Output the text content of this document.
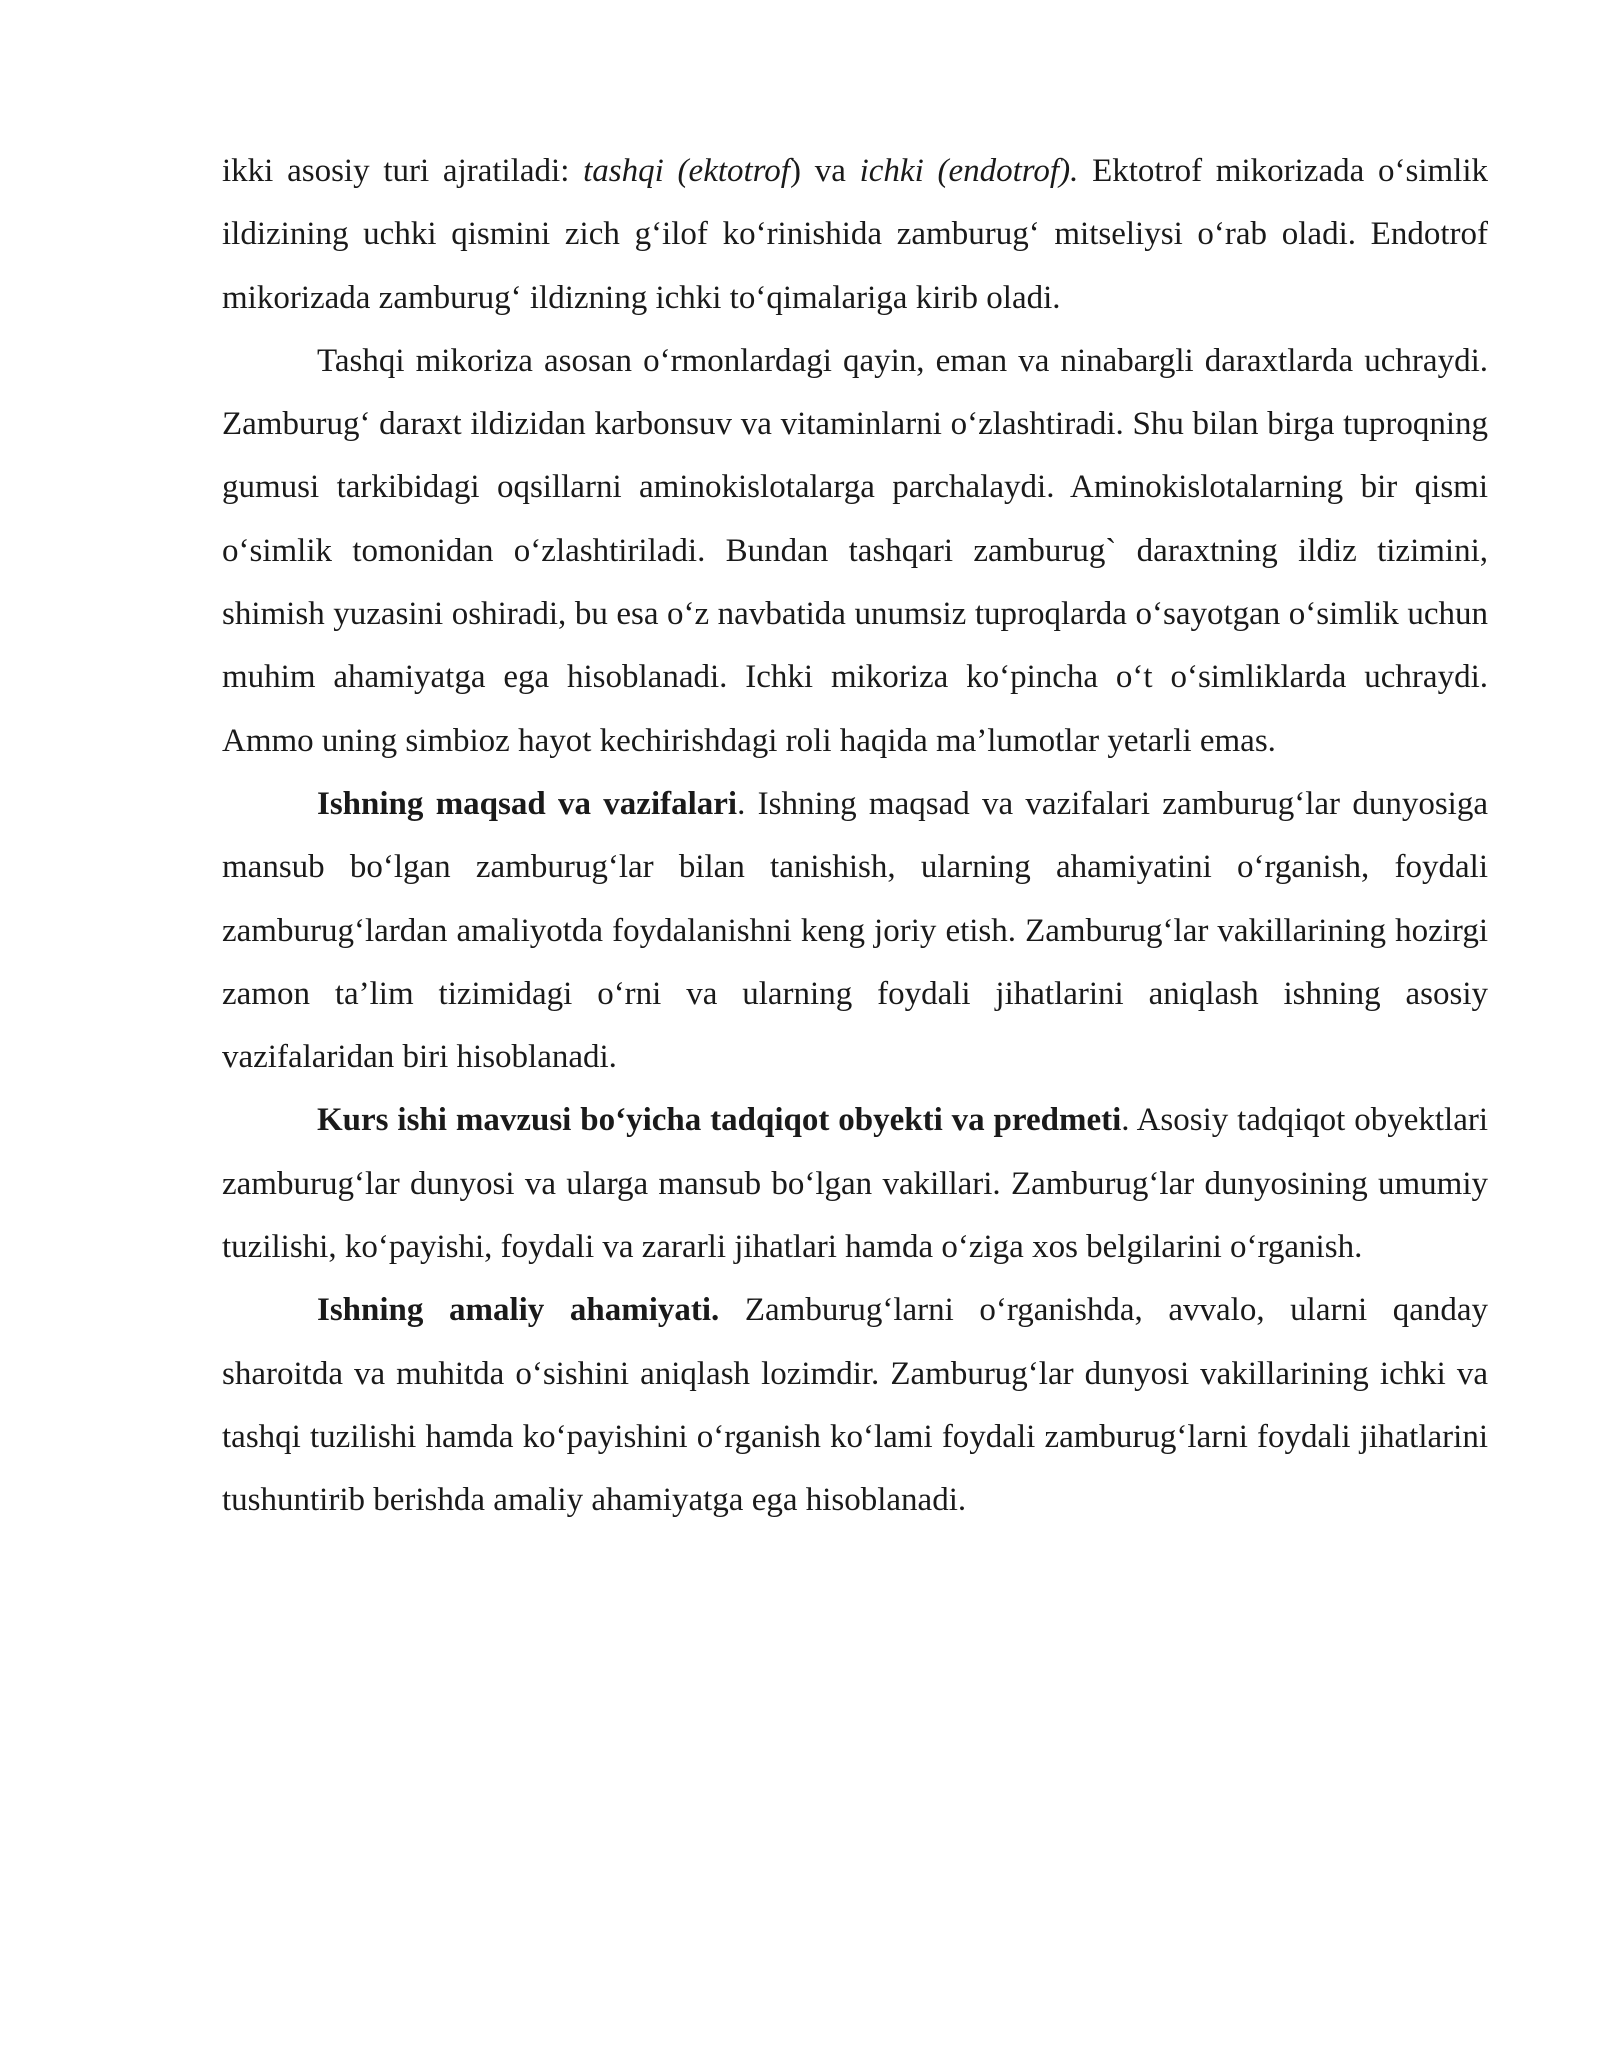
ikki asosiy turi ajratiladi: tashqi (ektotrof) va ichki (endotrof). Ektotrof mikorizada o‘simlik ildizining uchki qismini zich g‘ilof ko‘rinishida zamburug‘ mitseliysi o‘rab oladi. Endotrof mikorizada zamburug‘ ildizning ichki to‘qimalariga kirib oladi.

Tashqi mikoriza asosan o‘rmonlardagi qayin, eman va ninabargli daraxtlarda uchraydi. Zamburug‘ daraxt ildizidan karbonsuv va vitaminlarni o‘zlashtiradi. Shu bilan birga tuproqning gumusi tarkibidagi oqsillarni aminokislotalarga parchalaydi. Aminokislotalarning bir qismi o‘simlik tomonidan o‘zlashtiriladi. Bundan tashqari zamburug` daraxtning ildiz tizimini, shimish yuzasini oshiradi, bu esa o‘z navbatida unumsiz tuproqlarda o‘sayotgan o‘simlik uchun muhim ahamiyatga ega hisoblanadi. Ichki mikoriza ko‘pincha o‘t o‘simliklarda uchraydi. Ammo uning simbioz hayot kechirishdagi roli haqida ma’lumotlar yetarli emas.

Ishning maqsad va vazifalari. Ishning maqsad va vazifalari zamburug‘lar dunyosiga mansub bo‘lgan zamburug‘lar bilan tanishish, ularning ahamiyatini o‘rganish, foydali zamburug‘lardan amaliyotda foydalanishni keng joriy etish. Zamburug‘lar vakillarining hozirgi zamon ta’lim tizimidagi o‘rni va ularning foydali jihatlarini aniqlash ishning asosiy vazifalaridan biri hisoblanadi.

Kurs ishi mavzusi bo‘yicha tadqiqot obyekti va predmeti. Asosiy tadqiqot obyektlari zamburug‘lar dunyosi va ularga mansub bo‘lgan vakillari. Zamburug‘lar dunyosining umumiy tuzilishi, ko‘payishi, foydali va zararli jihatlari hamda o‘ziga xos belgilarini o‘rganish.

Ishning amaliy ahamiyati. Zamburug‘larni o‘rganishda, avvalo, ularni qanday sharoitda va muhitda o‘sishini aniqlash lozimdir. Zamburug‘lar dunyosi vakillarining ichki va tashqi tuzilishi hamda ko‘payishini o‘rganish ko‘lami foydali zamburug‘larni foydali jihatlarini tushuntirib berishda amaliy ahamiyatga ega hisoblanadi.
